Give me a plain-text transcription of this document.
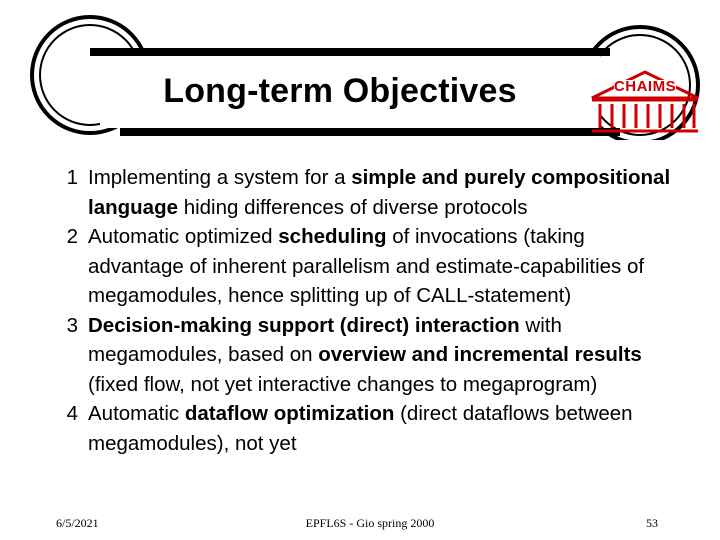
Long-term Objectives	CHAIMS
1 Implementing a system for a simple and purely compositional language hiding differences of diverse protocols
2 Automatic optimized scheduling of invocations (taking advantage of inherent parallelism and estimate-capabilities of megamodules, hence splitting up of CALL-statement)
3 Decision-making support (direct) interaction with megamodules, based on overview and incremental results (fixed flow, not yet interactive changes to megaprogram)
4 Automatic dataflow optimization (direct dataflows between megamodules), not yet
6/5/2021	EPFL6S - Gio spring 2000	53
